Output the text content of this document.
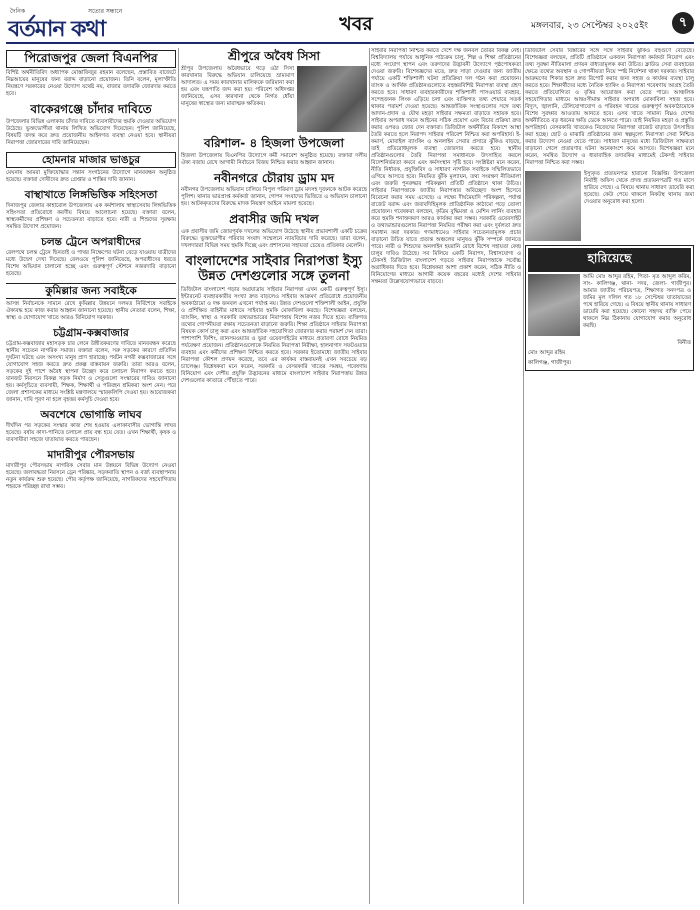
দৈনিক	সত্যের সন্ধানে
বর্তমান কথা	খবর	মঙ্গলবার, ২৩ সেপ্টেম্বর ২০২৫ইং	৭
পিরোজপুর জেলা বিএনপির

বিশিষ্ট অর্থনীতিবিদ অধ্যাপক মোস্তাফিজুর রহমান বলেছেন, প্রস্তাবিত বাজেটে নিম্নআয়ের মানুষের জন্য বরাদ্দ বাড়ানো প্রয়োজন। তিনি বলেন, মূল্যস্ফীতি নিয়ন্ত্রণে সরকারের নেওয়া উদ্যোগ যথেষ্ট নয়, বাজার তদারকি জোরদার করতে হবে।

বাকেরগঞ্জে চাঁদার দাবিতে

উপজেলার বিভিন্ন এলাকায় চাঁদার দাবিতে ব্যবসায়ীদের হুমকি দেওয়ার অভিযোগ উঠেছে। ভুক্তভোগীরা থানায় লিখিত অভিযোগ দিয়েছেন। পুলিশ জানিয়েছে, বিষয়টি তদন্ত করে দ্রুত প্রয়োজনীয় আইনগত ব্যবস্থা নেওয়া হবে। স্থানীয়রা নিরাপত্তা জোরদারের দাবি জানিয়েছেন।

হোমনার মাজার ভাঙচুর

মেঘনায় আমরা মুক্তিযোদ্ধার সন্তান সংগঠনের উদ্যোগে মানববন্ধন অনুষ্ঠিত হয়েছে। বক্তারা দোষীদের দ্রুত গ্রেপ্তার ও শাস্তির দাবি জানান।

বাস্থাখাতে লিঙ্গভিত্তিক সহিংসতা

দিনাজপুর জেলার কাহারোল উপজেলায় এক কর্মশালায় স্বাস্থ্যসেবায় লিঙ্গভিত্তিক সহিংসতা প্রতিরোধে করণীয় বিষয়ে আলোচনা হয়েছে। বক্তারা বলেন, স্বাস্থ্যকর্মীদের প্রশিক্ষণ ও সচেতনতা বাড়াতে হবে। নারী ও শিশুদের সুরক্ষায় সমন্বিত উদ্যোগ প্রয়োজন।

চলন্ত ট্রেনে অপরাধীদের

রেলপথে চলন্ত ট্রেনে ছিনতাই ও পাথর নিক্ষেপের ঘটনা বেড়ে যাওয়ায় যাত্রীদের মধ্যে উদ্বেগ দেখা দিয়েছে। রেলওয়ে পুলিশ জানিয়েছে, অপরাধীদের ধরতে বিশেষ অভিযান চালানো হচ্ছে এবং গুরুত্বপূর্ণ স্টেশনে নজরদারি বাড়ানো হয়েছে।

কুমিল্লার জন্য সবাইকে

আসন্ন নির্বাচনকে সামনে রেখে কুমিল্লার উন্নয়নে দলমত নির্বিশেষে সবাইকে ঐক্যবদ্ধ হয়ে কাজ করার আহ্বান জানানো হয়েছে। স্থানীয় নেতারা বলেন, শিক্ষা, স্বাস্থ্য ও যোগাযোগ খাতে আরও বিনিয়োগ দরকার।

চট্টগ্রাম-কক্সবাজার

চট্টগ্রাম-কক্সবাজার মহাসড়ক চার লেনে উন্নীতকরণের দাবিতে মানববন্ধন করেছে স্থানীয় সচেতন নাগরিক সমাজ। বক্তারা বলেন, সরু সড়কের কারণে প্রতিদিন দুর্ঘটনা ঘটছে এবং অসংখ্য মানুষ প্রাণ হারাচ্ছে। পর্যটন নগরী কক্সবাজারের সঙ্গে যোগাযোগ সহজ করতে দ্রুত প্রকল্প বাস্তবায়ন জরুরি। তারা আরও বলেন, সড়কের দুই পাশে অবৈধ স্থাপনা উচ্ছেদ করে চলাচল নিরাপদ করতে হবে। যানজট নিরসনে বিকল্প সড়ক নির্মাণ ও সেতুগুলো সংস্কারের দাবিও জানানো হয়। কর্মসূচিতে ব্যবসায়ী, শিক্ষক, শিক্ষার্থী ও পরিবহন শ্রমিকরা অংশ নেন। পরে জেলা প্রশাসকের মাধ্যমে সংশ্লিষ্ট মন্ত্রণালয়ে স্মারকলিপি দেওয়া হয়। আয়োজকরা জানান, দাবি পূরণ না হলে বৃহত্তর কর্মসূচি দেওয়া হবে।

অবশেষে ভোগান্তি লাঘব

দীর্ঘদিন পর সড়কের সংস্কার কাজ শেষ হওয়ায় এলাকাবাসীর ভোগান্তি লাঘব হয়েছে। বর্ষায় কাদা-পানিতে চলাচল প্রায় বন্ধ হয়ে যেত। এখন শিক্ষার্থী, কৃষক ও ব্যবসায়ীরা সহজে যাতায়াত করতে পারছেন।

মাদারীপুর পৌরসভায়

মাদারীপুর পৌরসভায় নাগরিক সেবার মান উন্নয়নে বিভিন্ন উদ্যোগ নেওয়া হয়েছে। জলাবদ্ধতা নিরসনে ড্রেন পরিষ্কার, সড়কবাতি স্থাপন ও বর্জ্য ব্যবস্থাপনায় নতুন কার্যক্রম শুরু হয়েছে। পৌর কর্তৃপক্ষ জানিয়েছে, নাগরিকদের সহযোগিতায় শহরকে পরিচ্ছন্ন রাখা সম্ভব।

শ্রীপুরে অবৈধ সিসা

শ্রীপুর উপজেলায় অবৈধভাবে গড়ে ওঠা সিসা কারখানার বিরুদ্ধে অভিযান চালিয়েছে ভ্রাম্যমাণ আদালত। এ সময় কারখানার মালিককে জরিমানা করা হয় এবং যন্ত্রপাতি জব্দ করা হয়। পরিবেশ অধিদপ্তর জানিয়েছে, এসব কারখানা থেকে নির্গত ধোঁয়া মানুষের স্বাস্থ্যের জন্য মারাত্মক ক্ষতিকর।

বরিশাল- ৪ হিজলা উপজেলা

হিজলা উপজেলায় বিএনপির উদ্যোগে কর্মী সমাবেশ অনুষ্ঠিত হয়েছে। বক্তারা দলীয় ঐক্য বজায় রেখে আগামী নির্বাচনে বিজয় নিশ্চিত করার আহ্বান জানান।

নবীনগরে চৌরায় ড্রাম মদ

নবীনগর উপজেলায় অভিযান চালিয়ে বিপুল পরিমাণ ড্রাম মদসহ দুজনকে আটক করেছে পুলিশ। থানার ভারপ্রাপ্ত কর্মকর্তা জানান, গোপন সংবাদের ভিত্তিতে এ অভিযান চালানো হয়। আটককৃতদের বিরুদ্ধে মাদক নিয়ন্ত্রণ আইনে মামলা হয়েছে।

প্রবাসীর জমি দখল

এক প্রবাসীর জমি জোরপূর্বক দখলের অভিযোগ উঠেছে স্থানীয় প্রভাবশালী একটি চক্রের বিরুদ্ধে। ভুক্তভোগীর পরিবার সংবাদ সম্মেলনে ন্যায়বিচার দাবি করেছে। তারা বলেন, দখলদাররা বিভিন্ন সময় হুমকি দিচ্ছে এবং প্রশাসনের সহায়তা চেয়েও প্রতিকার মেলেনি।

বাংলাদেশের সাইবার নিরাপত্তা ইস্যু উন্নত দেশগুলোর সঙ্গে তুলনা

ডিজিটাল বাংলাদেশ গড়ার অগ্রযাত্রায় সাইবার নিরাপত্তা এখন একটি গুরুত্বপূর্ণ ইস্যু। ইন্টারনেট ব্যবহারকারীর সংখ্যা দ্রুত বাড়লেও সাইবার আক্রমণ প্রতিরোধে প্রয়োজনীয় অবকাঠামো ও দক্ষ জনবল এখনো পর্যাপ্ত নয়। উন্নত দেশগুলো শক্তিশালী আইন, প্রযুক্তি ও প্রশিক্ষিত বাহিনীর মাধ্যমে সাইবার হুমকি মোকাবিলা করছে। বিশেষজ্ঞরা বলছেন, ব্যাংকিং, স্বাস্থ্য ও সরকারি তথ্যভান্ডারের নিরাপত্তায় বিশেষ নজর দিতে হবে। ব্যক্তিগত তথ্যের গোপনীয়তা রক্ষায় সচেতনতা বাড়ানো জরুরি। শিক্ষা প্রতিষ্ঠানে সাইবার নিরাপত্তা বিষয়ক কোর্স চালু করা এবং আন্তর্জাতিক সহযোগিতা জোরদার করার পরামর্শ দেন তারা। পাশাপাশি ফিশিং, র‍্যানসমওয়্যার ও ভুয়া ওয়েবসাইটের মাধ্যমে প্রতারণা রোধে নিয়মিত পর্যবেক্ষণ প্রয়োজন। প্রতিষ্ঠানগুলোকে নিয়মিত নিরাপত্তা নিরীক্ষা, হালনাগাদ সফটওয়্যার ব্যবহার এবং কর্মীদের প্রশিক্ষণ নিশ্চিত করতে হবে। সরকার ইতোমধ্যে জাতীয় সাইবার নিরাপত্তা কৌশল প্রণয়ন করেছে, তবে এর কার্যকর বাস্তবায়নই এখন সবচেয়ে বড় চ্যালেঞ্জ। বিশ্লেষকরা মনে করেন, সরকারি ও বেসরকারি খাতের সমন্বয়, গবেষণায় বিনিয়োগ এবং দেশীয় প্রযুক্তি উদ্ভাবনের মাধ্যমে বাংলাদেশ সাইবার নিরাপত্তায় উন্নত দেশগুলোর কাতারে পৌঁছাতে পারে।

সাইবার নিরাপত্তা নিশ্চিত করতে দেশে দক্ষ জনবল তৈরির বিকল্প নেই। বিশ্ববিদ্যালয় পর্যায়ে আধুনিক পাঠ্যক্রম চালু, শিল্প ও শিক্ষা প্রতিষ্ঠানের মধ্যে সংযোগ স্থাপন এবং তরুণদের উদ্ভাবনী উদ্যোগে পৃষ্ঠপোষকতা দেওয়া জরুরি। বিশেষজ্ঞদের মতে, দ্রুত সাড়া দেওয়ার জন্য জাতীয় পর্যায়ে একটি শক্তিশালী ঘটনা প্রতিক্রিয়া দল গঠন করা প্রয়োজন। ব্যাংক ও আর্থিক প্রতিষ্ঠানগুলোতে বহুস্তরবিশিষ্ট নিরাপত্তা ব্যবস্থা গ্রহণ করতে হবে। সাধারণ ব্যবহারকারীদের শক্তিশালী পাসওয়ার্ড ব্যবহার, সন্দেহজনক লিংক এড়িয়ে চলা এবং ব্যক্তিগত তথ্য শেয়ারে সতর্ক থাকার পরামর্শ দেওয়া হয়েছে। আন্তর্জাতিক সংস্থাগুলোর সঙ্গে তথ্য আদান-প্রদান ও যৌথ মহড়া সাইবার সক্ষমতা বাড়াতে সহায়ক হবে। সাইবার অপরাধ দমনে আইনের সঠিক প্রয়োগ এবং বিচার প্রক্রিয়া দ্রুত করার ওপরও জোর দেন বক্তারা। ডিজিটাল অর্থনীতির বিকাশে আস্থা তৈরি করতে হলে নিরাপদ সাইবার পরিবেশ নিশ্চিত করা অপরিহার্য। ই-কমার্স, মোবাইল ব্যাংকিং ও অনলাইন সেবার প্রসারে ঝুঁকিও বাড়ছে, তাই প্রতিরোধমূলক ব্যবস্থা জোরদার করতে হবে। স্থানীয় প্রতিষ্ঠানগুলোর তৈরি নিরাপত্তা সমাধানকে উৎসাহিত করলে বিদেশনির্ভরতা কমবে এবং কর্মসংস্থান সৃষ্টি হবে। সংশ্লিষ্টরা মনে করেন, নীতি নির্ধারক, প্রযুক্তিবিদ ও সাধারণ নাগরিক সবাইকে সম্মিলিতভাবে এগিয়ে আসতে হবে। নিয়মিত ঝুঁকি মূল্যায়ন, তথ্য সংরক্ষণ নীতিমালা এবং জরুরি পুনরুদ্ধার পরিকল্পনা প্রতিটি প্রতিষ্ঠানে থাকা উচিত। সাইবার নিরাপত্তাকে জাতীয় নিরাপত্তার অবিচ্ছেদ্য অংশ হিসেবে বিবেচনা করার সময় এসেছে। এ লক্ষ্যে দীর্ঘমেয়াদি পরিকল্পনা, পর্যাপ্ত বাজেট বরাদ্দ এবং জবাবদিহিমূলক প্রাতিষ্ঠানিক কাঠামো গড়ে তোলা প্রয়োজন। গবেষকরা বলছেন, কৃত্রিম বুদ্ধিমত্তা ও মেশিন লার্নিং ব্যবহার করে হুমকি শনাক্তকরণ আরও কার্যকর করা সম্ভব। সরকারি ওয়েবসাইট ও তথ্যভান্ডারগুলোর নিরাপত্তা নিয়মিত পরীক্ষা করা এবং দুর্বলতা দ্রুত সমাধান করা দরকার। গণমাধ্যমেও সাইবার সচেতনতামূলক প্রচার বাড়ানো উচিত যাতে প্রত্যন্ত অঞ্চলের মানুষও ঝুঁকি সম্পর্কে জানতে পারে। নারী ও শিশুদের অনলাইন হয়রানি রোধে বিশেষ সহায়তা কেন্দ্র চালুর দাবিও উঠেছে। সব মিলিয়ে একটি নিরাপদ, বিশ্বাসযোগ্য ও টেকসই ডিজিটাল বাংলাদেশ গড়তে সাইবার নিরাপত্তাকে সর্বোচ্চ অগ্রাধিকার দিতে হবে। বিশ্লেষকরা আশা প্রকাশ করেন, সঠিক নীতি ও বিনিয়োগের মাধ্যমে আগামী কয়েক বছরের মধ্যেই দেশের সাইবার সক্ষমতা উল্লেখযোগ্যভাবে বাড়বে।

ডিজিটাল সেবার বিস্তারের সঙ্গে সঙ্গে সাইবার ঝুঁকিও বহুগুণে বেড়েছে। বিশেষজ্ঞরা বলছেন, প্রতিটি প্রতিষ্ঠানে একজন নিরাপত্তা কর্মকর্তা নিয়োগ এবং তথ্য সুরক্ষা নীতিমালা প্রণয়ন বাধ্যতামূলক করা উচিত। ক্লাউড সেবা ব্যবহারের ক্ষেত্রে তথ্যের অবস্থান ও গোপনীয়তা নিয়ে স্পষ্ট নির্দেশনা থাকা দরকার। সাইবার আক্রমণের শিকার হলে দ্রুত রিপোর্ট করার জন্য সহজ ও কার্যকর ব্যবস্থা চালু করতে হবে। শিক্ষার্থীদের মধ্যে নৈতিক হ্যাকিং ও নিরাপত্তা গবেষণায় আগ্রহ তৈরি করতে প্রতিযোগিতা ও বৃত্তির আয়োজন করা যেতে পারে। আঞ্চলিক সহযোগিতার মাধ্যমে আন্তঃসীমান্ত সাইবার অপরাধ মোকাবিলা সহজ হবে। বিদ্যুৎ, জ্বালানি, টেলিযোগাযোগ ও পরিবহন খাতের গুরুত্বপূর্ণ অবকাঠামোকে বিশেষ সুরক্ষার আওতায় আনতে হবে। এসব খাতে সামান্য বিঘ্নও দেশের অর্থনীতিতে বড় ধরনের ক্ষতি ডেকে আনতে পারে। তাই নিয়মিত মহড়া ও প্রস্তুতি অপরিহার্য। বেসরকারি খাতকেও নিজেদের নিরাপত্তা বাজেট বাড়াতে উৎসাহিত করা হচ্ছে। ছোট ও মাঝারি প্রতিষ্ঠানের জন্য স্বল্পমূল্যে নিরাপত্তা সেবা নিশ্চিত করার উদ্যোগ নেওয়া যেতে পারে। সাধারণ মানুষের মধ্যে ডিজিটাল সাক্ষরতা বাড়ানো গেলে প্রতারণার ঘটনা অনেকাংশে কমে আসবে। বিশেষজ্ঞরা মনে করেন, সমন্বিত উদ্যোগ ও ধারাবাহিক তদারকির মাধ্যমেই টেকসই সাইবার নিরাপত্তা নিশ্চিত করা সম্ভব।

ইস্যুকৃত প্রত্যয়নপত্র হারানো বিজ্ঞপ্তি। উপজেলা নির্বাহী অফিস থেকে প্রদত্ত প্রত্যয়নপত্রটি গত মাসে হারিয়ে গেছে। এ বিষয়ে থানায় সাধারণ ডায়েরি করা হয়েছে। কেউ পেয়ে থাকলে নিকটস্থ থানায় জমা দেওয়ার অনুরোধ করা হলো।

হারিয়েছে

আমি মোঃ আব্দুর রহিম, পিতা- মৃত আব্দুল করিম, সাং- কালিগঞ্জ, থানা- সদর, জেলা- গাজীপুর। আমার জাতীয় পরিচয়পত্র, শিক্ষাগত সনদপত্র ও জমির মূল দলিল গত ১৮ সেপ্টেম্বর যাতায়াতের পথে হারিয়ে গেছে। এ বিষয়ে স্থানীয় থানায় সাধারণ ডায়েরি করা হয়েছে। কোনো সহৃদয় ব্যক্তি পেয়ে থাকলে নিম্ন ঠিকানায় যোগাযোগ করার অনুরোধ করছি।

বিনীত

মোঃ আব্দুর রহিম

কালিগঞ্জ, গাজীপুর।
